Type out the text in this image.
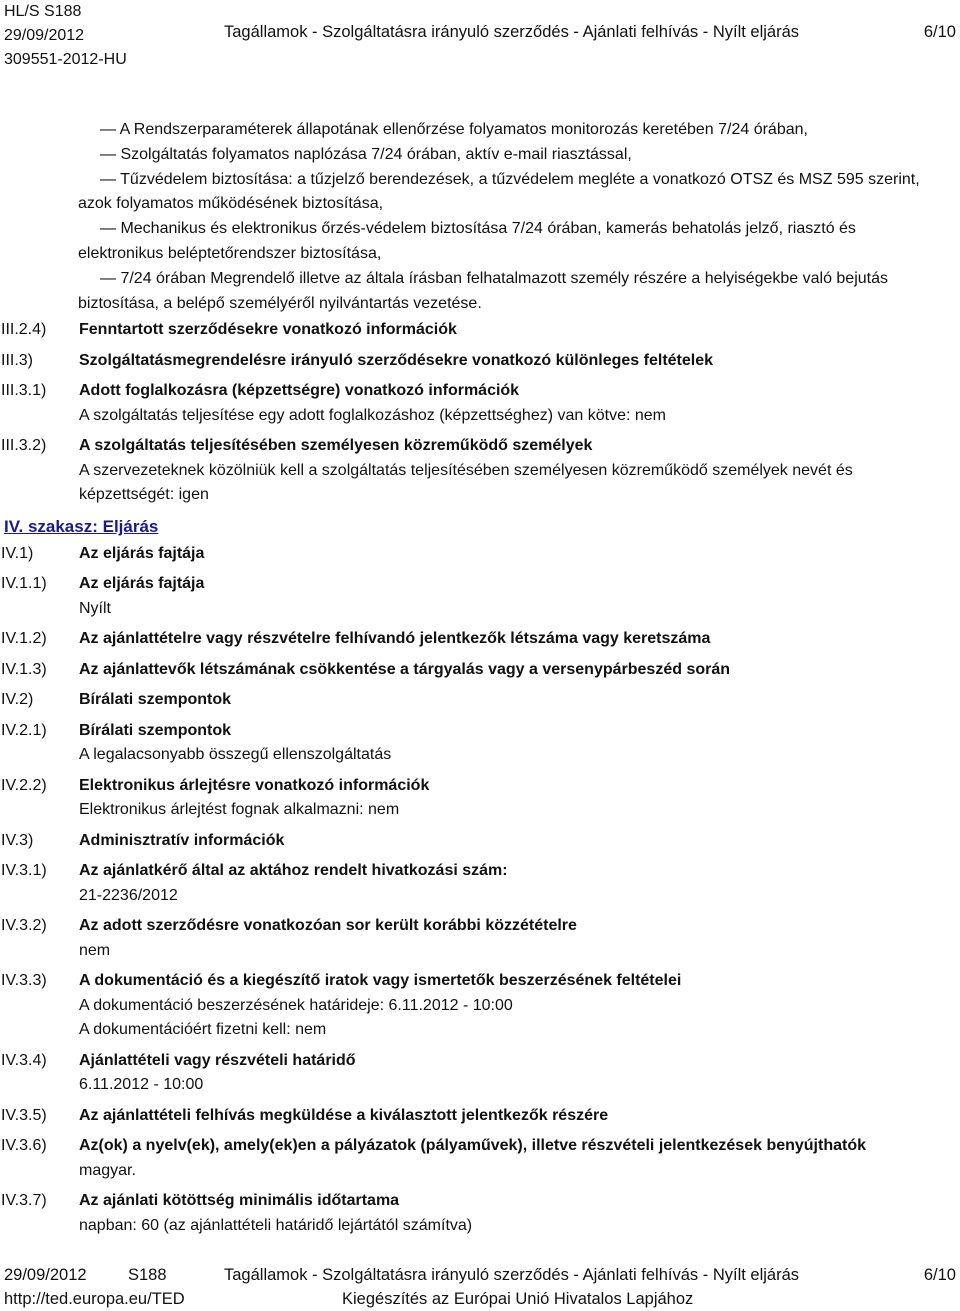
HL/S S188
29/09/2012
309551-2012-HU
Tagállamok - Szolgáltatásra irányuló szerződés - Ajánlati felhívás - Nyílt eljárás	6/10
— A Rendszerparaméterek állapotának ellenőrzése folyamatos monitorozás keretében 7/24 órában,
— Szolgáltatás folyamatos naplózása 7/24 órában, aktív e-mail riasztással,
— Tűzvédelem biztosítása: a tűzjelző berendezések, a tűzvédelem megléte a vonatkozó OTSZ és MSZ 595 szerint, azok folyamatos működésének biztosítása,
— Mechanikus és elektronikus őrzés-védelem biztosítása 7/24 órában, kamerás behatolás jelző, riasztó és elektronikus beléptetőrendszer biztosítása,
— 7/24 órában Megrendelő illetve az általa írásban felhatalmazott személy részére a helyiségekbe való bejutás biztosítása, a belépő személyéről nyilvántartás vezetése.
III.2.4)	Fenntartott szerződésekre vonatkozó információk
III.3)	Szolgáltatásmegrendelésre irányuló szerződésekre vonatkozó különleges feltételek
III.3.1)	Adott foglalkozásra (képzettségre) vonatkozó információk
A szolgáltatás teljesítése egy adott foglalkozáshoz (képzettséghez) van kötve: nem
III.3.2)	A szolgáltatás teljesítésében személyesen közreműködő személyek
A szervezeteknek közölniük kell a szolgáltatás teljesítésében személyesen közreműködő személyek nevét és képzettségét: igen
IV. szakasz: Eljárás
IV.1)	Az eljárás fajtája
IV.1.1)	Az eljárás fajtája
Nyílt
IV.1.2)	Az ajánlattételre vagy részvételre felhívandó jelentkezők létszáma vagy keretszáma
IV.1.3)	Az ajánlattevők létszámának csökkentése a tárgyalás vagy a versenypárbeszéd során
IV.2)	Bírálati szempontok
IV.2.1)	Bírálati szempontok
A legalacsonyabb összegű ellenszolgáltatás
IV.2.2)	Elektronikus árlejtésre vonatkozó információk
Elektronikus árlejtést fognak alkalmazni: nem
IV.3)	Adminisztratív információk
IV.3.1)	Az ajánlatkérő által az aktához rendelt hivatkozási szám:
21-2236/2012
IV.3.2)	Az adott szerződésre vonatkozóan sor került korábbi közzétételre
nem
IV.3.3)	A dokumentáció és a kiegészítő iratok vagy ismertetők beszerzésének feltételei
A dokumentáció beszerzésének határideje: 6.11.2012 - 10:00
A dokumentációért fizetni kell: nem
IV.3.4)	Ajánlattételi vagy részvételi határidő
6.11.2012 - 10:00
IV.3.5)	Az ajánlattételi felhívás megküldése a kiválasztott jelentkezők részére
IV.3.6)	Az(ok) a nyelv(ek), amely(ek)en a pályázatok (pályaművek), illetve részvételi jelentkezések benyújthatók
magyar.
IV.3.7)	Az ajánlati kötöttség minimális időtartama
napban: 60 (az ajánlattételi határidő lejártától számítva)
29/09/2012	S188	Tagállamok - Szolgáltatásra irányuló szerződés - Ajánlati felhívás - Nyílt eljárás	6/10
http://ted.europa.eu/TED	Kiegészítés az Európai Unió Hivatalos Lapjához
